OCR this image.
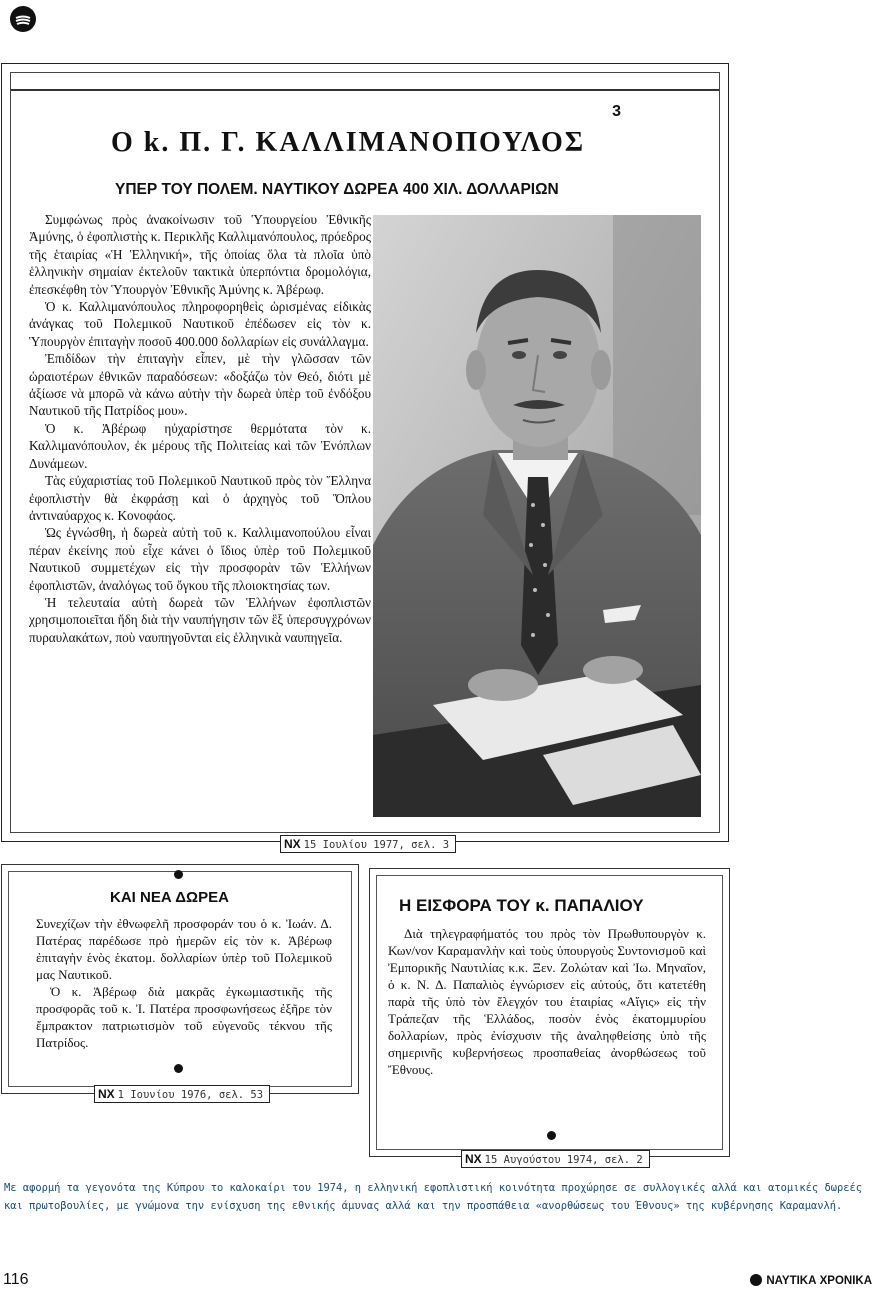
3
Ο k. Π. Γ. ΚΑΛΛΙΜΑΝΟΠΟΥΛΟΣ
ΥΠΕΡ ΤΟΥ ΠΟΛΕΜ. ΝΑΥΤΙΚΟΥ ΔΩΡΕΑ 400 ΧΙΛ. ΔΟΛΛΑΡΙΩΝ

Συμφώνως πρὸς ἀνακοίνωσιν τοῦ Ὑπουργείου Ἐθνικῆς Ἀμύνης, ὁ ἐφοπλιστὴς κ. Περικλῆς Καλλιμανόπουλος, πρόεδρος τῆς ἑταιρίας «Ἡ Ἑλληνική», τῆς ὁποίας ὅλα τὰ πλοῖα ὑπὸ ἑλληνικὴν σημαίαν ἐκτελοῦν τακτικὰ ὑπερπόντια δρομολόγια, ἐπεσκέφθη τὸν Ὑπουργὸν Ἐθνικῆς Ἀμύνης κ. Ἀβέρωφ.

Ὁ κ. Καλλιμανόπουλος πληροφορηθεὶς ὡρισμένας εἰδικὰς ἀνάγκας τοῦ Πολεμικοῦ Ναυτικοῦ ἐπέδωσεν εἰς τὸν κ. Ὑπουργὸν ἐπιταγὴν ποσοῦ 400.000 δολλαρίων εἰς συνάλλαγμα.

Ἐπιδίδων τὴν ἐπιταγὴν εἶπεν, μὲ τὴν γλῶσσαν τῶν ὡραιοτέρων ἐθνικῶν παραδόσεων: «δοξάζω τὸν Θεό, διότι μὲ ἀξίωσε νὰ μπορῶ νὰ κάνω αὐτὴν τὴν δωρεὰ ὑπὲρ τοῦ ἐνδόξου Ναυτικοῦ τῆς Πατρίδος μου».

Ὁ κ. Ἀβέρωφ ηὐχαρίστησε θερμότατα τὸν κ. Καλλιμανόπουλον, ἐκ μέρους τῆς Πολιτείας καὶ τῶν Ἐνόπλων Δυνάμεων.

Τὰς εὐχαριστίας τοῦ Πολεμικοῦ Ναυτικοῦ πρὸς τὸν Ἕλληνα ἐφοπλιστὴν θὰ ἐκφράσῃ καὶ ὁ ἀρχηγὸς τοῦ Ὅπλου ἀντιναύαρχος κ. Κονοφάος.

Ὡς ἐγνώσθη, ἡ δωρεὰ αὐτὴ τοῦ κ. Καλλιμανοπούλου εἶναι πέραν ἐκείνης ποὺ εἶχε κάνει ὁ ἴδιος ὑπὲρ τοῦ Πολεμικοῦ Ναυτικοῦ συμμετέχων εἰς τὴν προσφορὰν τῶν Ἑλλήνων ἐφοπλιστῶν, ἀναλόγως τοῦ ὄγκου τῆς πλοιοκτησίας των.

Ἡ τελευταία αὐτὴ δωρεὰ τῶν Ἑλλήνων ἐφοπλιστῶν χρησιμοποιεῖται ἤδη διὰ τὴν ναυπήγησιν τῶν ἓξ ὑπερσυγχρόνων πυραυλακάτων, ποὺ ναυπηγοῦνται εἰς ἑλληνικὰ ναυπηγεῖα.

NX 15 Ιουλίου 1977, σελ. 3
ΚΑΙ ΝΕΑ ΔΩΡΕΑ

Συνεχίζων τὴν ἐθνωφελῆ προσφοράν του ὁ κ. Ἰωάν. Δ. Πατέρας παρέδωσε πρὸ ἡμερῶν εἰς τὸν κ. Ἀβέρωφ ἐπιταγὴν ἑνὸς ἑκατομ. δολλαρίων ὑπὲρ τοῦ Πολεμικοῦ μας Ναυτικοῦ.

Ὁ κ. Ἀβέρωφ διὰ μακρᾶς ἐγκωμιαστικῆς τῆς προσφορᾶς τοῦ κ. Ἰ. Πατέρα προσφωνήσεως ἐξῆρε τὸν ἔμπρακτον πατριωτισμὸν τοῦ εὐγενοῦς τέκνου τῆς Πατρίδος.

NX 1 Ιουνίου 1976, σελ. 53
Η ΕΙΣΦΟΡΑ ΤΟΥ κ. ΠΑΠΑΛΙΟΥ

Διὰ τηλεγραφήματός του πρὸς τὸν Πρωθυπουργὸν κ. Κων/νον Καραμανλὴν καὶ τοὺς ὑπουργοὺς Συντονισμοῦ καὶ Ἐμπορικῆς Ναυτιλίας κ.κ. Ξεν. Ζολώταν καὶ Ἰω. Μηναῖον, ὁ κ. Ν. Δ. Παπαλιὸς ἐγνώρισεν εἰς αὐτούς, ὅτι κατετέθη παρὰ τῆς ὑπὸ τὸν ἔλεγχόν του ἑταιρίας «Αἴγις» εἰς τὴν Τράπεζαν τῆς Ἑλλάδος, ποσὸν ἑνὸς ἑκατομμυρίου δολλαρίων, πρὸς ἐνίσχυσιν τῆς ἀναληφθείσης ὑπὸ τῆς σημερινῆς κυβερνήσεως προσπαθείας ἀνορθώσεως τοῦ Ἔθνους.

NX 15 Αυγούστου 1974, σελ. 2
Με αφορμή τα γεγονότα της Κύπρου το καλοκαίρι του 1974, η ελληνική εφοπλιστική κοινότητα προχώρησε σε συλλογικές αλλά και ατομικές δωρεές και πρωτοβουλίες, με γνώμονα την ενίσχυση της εθνικής άμυνας αλλά και την προσπάθεια «ανορθώσεως του Έθνους» της κυβέρνησης Καραμανλή.
116	ΝΑΥΤΙΚΑ ΧΡΟΝΙΚΑ
